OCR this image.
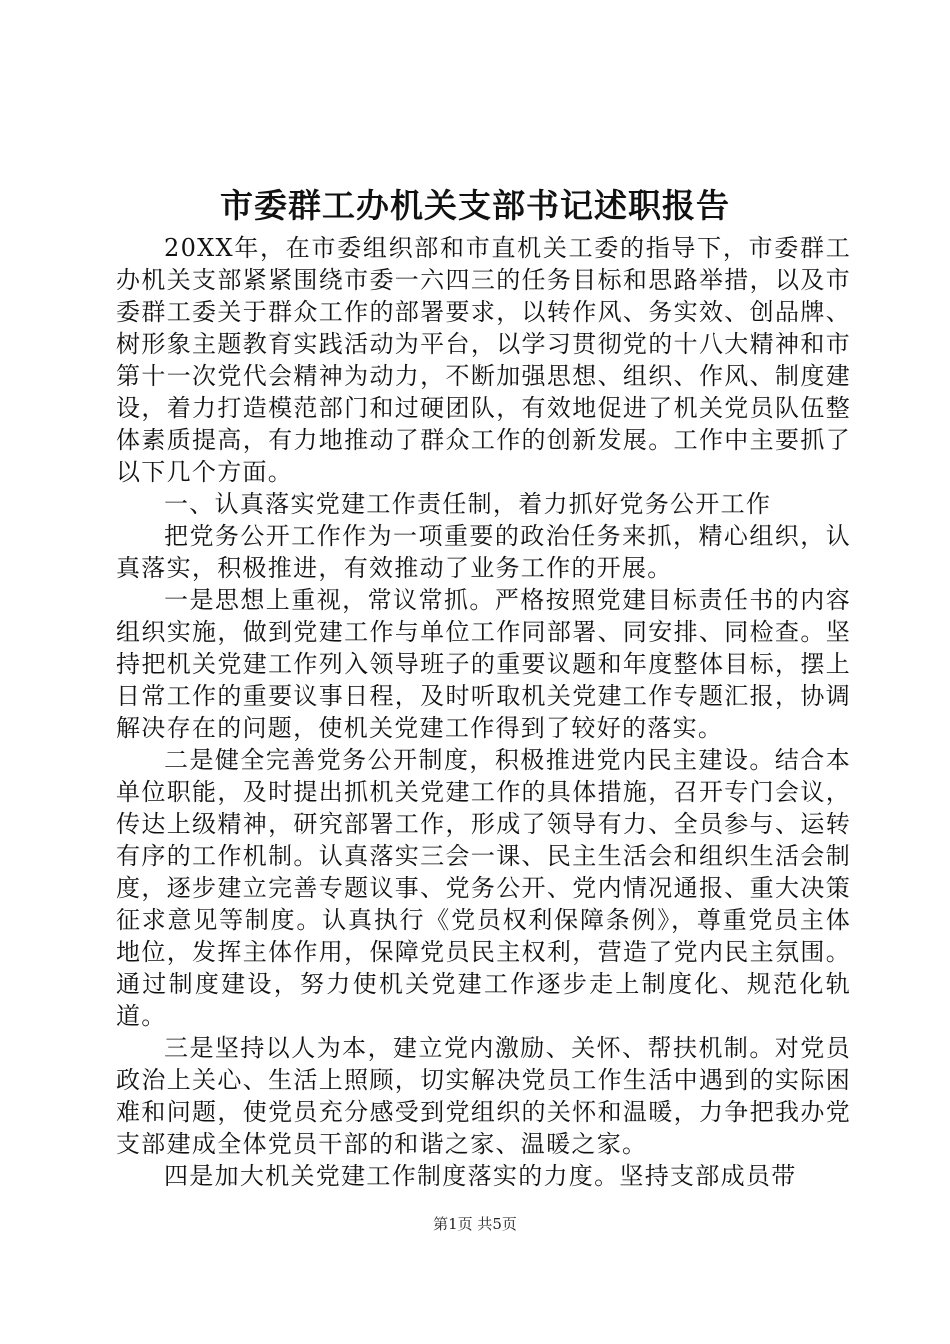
市委群工办机关支部书记述职报告

20XX年，在市委组织部和市直机关工委的指导下，市委群工办机关支部紧紧围绕市委一六四三的任务目标和思路举措，以及市委群工委关于群众工作的部署要求，以转作风、务实效、创品牌、树形象主题教育实践活动为平台，以学习贯彻党的十八大精神和市第十一次党代会精神为动力，不断加强思想、组织、作风、制度建设，着力打造模范部门和过硬团队，有效地促进了机关党员队伍整体素质提高，有力地推动了群众工作的创新发展。工作中主要抓了以下几个方面。

一、认真落实党建工作责任制，着力抓好党务公开工作

把党务公开工作作为一项重要的政治任务来抓，精心组织，认真落实，积极推进，有效推动了业务工作的开展。

一是思想上重视，常议常抓。严格按照党建目标责任书的内容组织实施，做到党建工作与单位工作同部署、同安排、同检查。坚持把机关党建工作列入领导班子的重要议题和年度整体目标，摆上日常工作的重要议事日程，及时听取机关党建工作专题汇报，协调解决存在的问题，使机关党建工作得到了较好的落实。

二是健全完善党务公开制度，积极推进党内民主建设。结合本单位职能，及时提出抓机关党建工作的具体措施，召开专门会议，传达上级精神，研究部署工作，形成了领导有力、全员参与、运转有序的工作机制。认真落实三会一课、民主生活会和组织生活会制度，逐步建立完善专题议事、党务公开、党内情况通报、重大决策征求意见等制度。认真执行《党员权利保障条例》，尊重党员主体地位，发挥主体作用，保障党员民主权利，营造了党内民主氛围。通过制度建设，努力使机关党建工作逐步走上制度化、规范化轨道。

三是坚持以人为本，建立党内激励、关怀、帮扶机制。对党员政治上关心、生活上照顾，切实解决党员工作生活中遇到的实际困难和问题，使党员充分感受到党组织的关怀和温暖，力争把我办党支部建成全体党员干部的和谐之家、温暖之家。

四是加大机关党建工作制度落实的力度。坚持支部成员带

第1页 共5页
